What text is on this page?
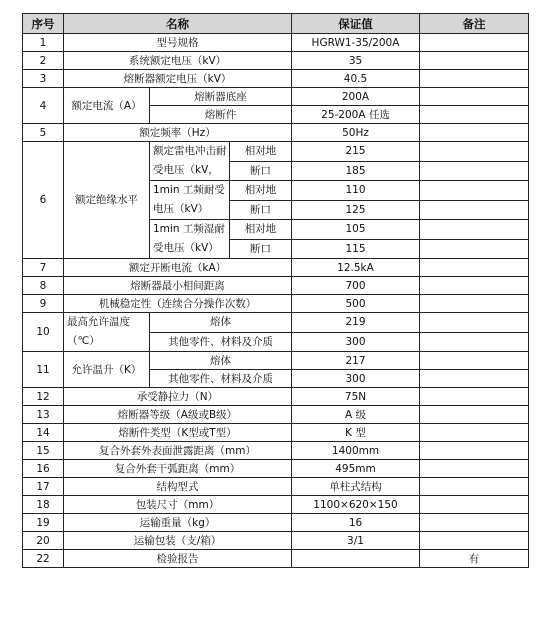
序号	名称			保证值	备注
1	型号规格			HGRW1-35/200A	
2	系统额定电压（kV）			35	
3	熔断器额定电压（kV）			40.5	
4	额定电流（A）	熔断器底座		200A	
		熔断件		25-200A 任选	
5	额定频率（Hz）			50Hz	
6	额定绝缘水平	额定雷电冲击耐受电压（kV，	相对地	215	
			断口	185	
		1min 工频耐受电压（kV）	相对地	110	
			断口	125	
		1min 工频湿耐受电压（kV）	相对地	105	
			断口	115	
7	额定开断电流（kA）			12.5kA	
8	熔断器最小相间距离			700	
9	机械稳定性（连续合分操作次数）			500	
10	最高允许温度（℃）	熔体		219	
		其他零件、材料及介质		300	
11	允许温升（K）	熔体		217	
		其他零件、材料及介质		300	
12	承受静拉力（N）			75N	
13	熔断器等级（A级或B级）			A 级	
14	熔断件类型（K型或T型）			K 型	
15	复合外套外表面泄露距离（mm）			1400mm	
16	复合外套干弧距离（mm）			495mm	
17	结构型式			单柱式结构	
18	包装尺寸（mm）			1100×620×150	
19	运输重量（kg）			16	
20	运输包装（支/箱）			3/1	
22	检验报告				有
